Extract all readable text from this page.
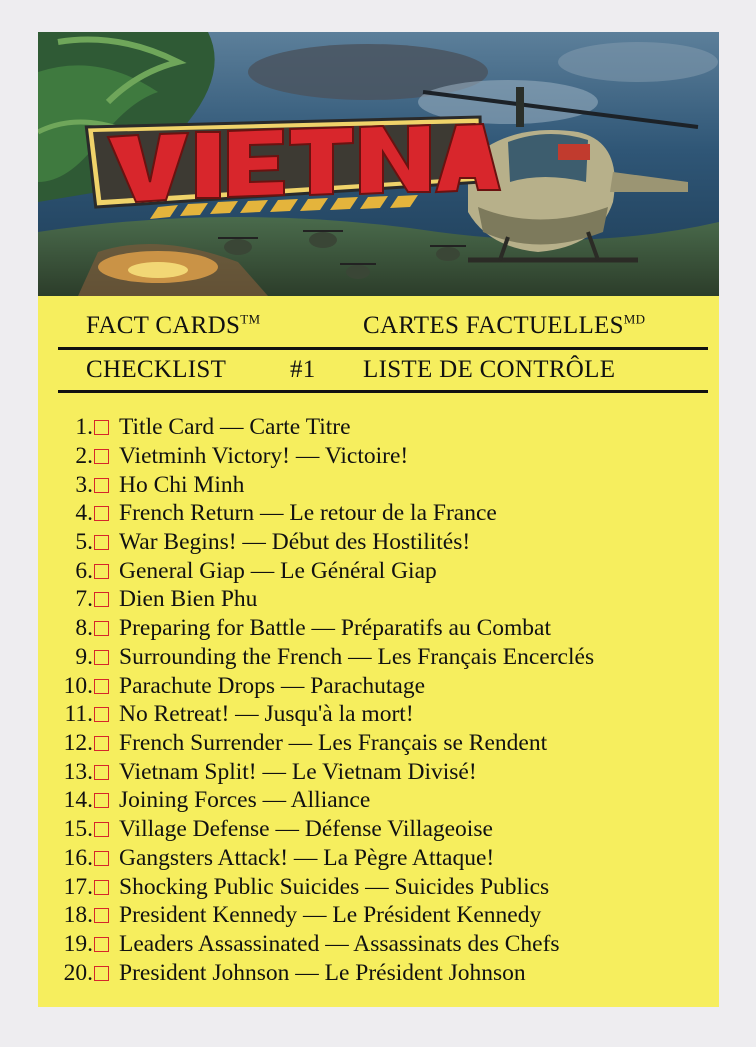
FACT CARDS™	CARTES $FACTUELLES^{MD}$
CHECKLIST	#1 LISTE DE CONTRÔLE
1. Title Card — Carte Titre
2. Vietminh Victory! — Victoire!
3. Ho Chi Minh
4. French Return — Le retour de la France
5. War Begins! — Début des Hostilités!
6. General Giap — Le Général Giap
7. Dien Bien Phu
8. Preparing for Battle — Préparatifs au Combat
9. Surrounding the French — Les Français Encerclés
10. Parachute Drops — Parachutage
11. No Retreat! — Jusqu'à la mort!
12. French Surrender — Les Français se Rendent
13. Vietnam Split! — Le Vietnam Divisé!
14. Joining Forces — Alliance
15. Village Defense — Défense Villageoise
16. Gangsters Attack! — La Pègre Attaque!
17. Shocking Public Suicides — Suicides Publics
18. President Kennedy — Le Président Kennedy
19. Leaders Assassinated — Assassinats des Chefs
20. President Johnson — Le Président Johnson
